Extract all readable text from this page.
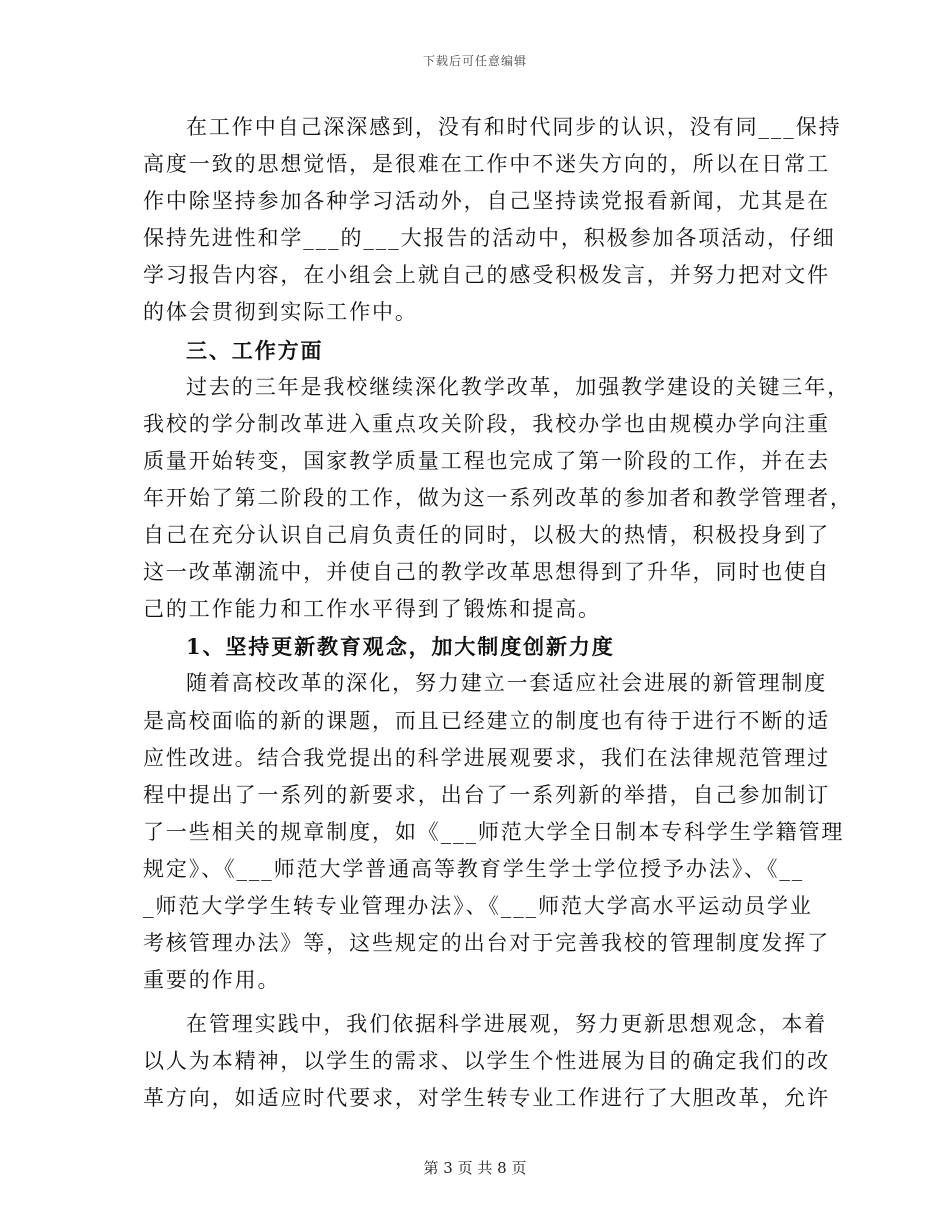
下载后可任意编辑
在工作中自己深深感到，没有和时代同步的认识，没有同___保持
高度一致的思想觉悟，是很难在工作中不迷失方向的，所以在日常工
作中除坚持参加各种学习活动外，自己坚持读党报看新闻，尤其是在
保持先进性和学___的___大报告的活动中，积极参加各项活动，仔细
学习报告内容，在小组会上就自己的感受积极发言，并努力把对文件
的体会贯彻到实际工作中。
三、工作方面
过去的三年是我校继续深化教学改革，加强教学建设的关键三年，
我校的学分制改革进入重点攻关阶段，我校办学也由规模办学向注重
质量开始转变，国家教学质量工程也完成了第一阶段的工作，并在去
年开始了第二阶段的工作，做为这一系列改革的参加者和教学管理者，
自己在充分认识自己肩负责任的同时，以极大的热情，积极投身到了
这一改革潮流中，并使自己的教学改革思想得到了升华，同时也使自
己的工作能力和工作水平得到了锻炼和提高。
1、坚持更新教育观念，加大制度创新力度
随着高校改革的深化，努力建立一套适应社会进展的新管理制度
是高校面临的新的课题，而且已经建立的制度也有待于进行不断的适
应性改进。结合我党提出的科学进展观要求，我们在法律规范管理过
程中提出了一系列的新要求，出台了一系列新的举措，自己参加制订
了一些相关的规章制度，如《___师范大学全日制本专科学生学籍管理
规定》、《___师范大学普通高等教育学生学士学位授予办法》、《__
_师范大学学生转专业管理办法》、《___师范大学高水平运动员学业
考核管理办法》等，这些规定的出台对于完善我校的管理制度发挥了
重要的作用。
在管理实践中，我们依据科学进展观，努力更新思想观念，本着
以人为本精神，以学生的需求、以学生个性进展为目的确定我们的改
革方向，如适应时代要求，对学生转专业工作进行了大胆改革，允许
第 3 页 共 8 页
